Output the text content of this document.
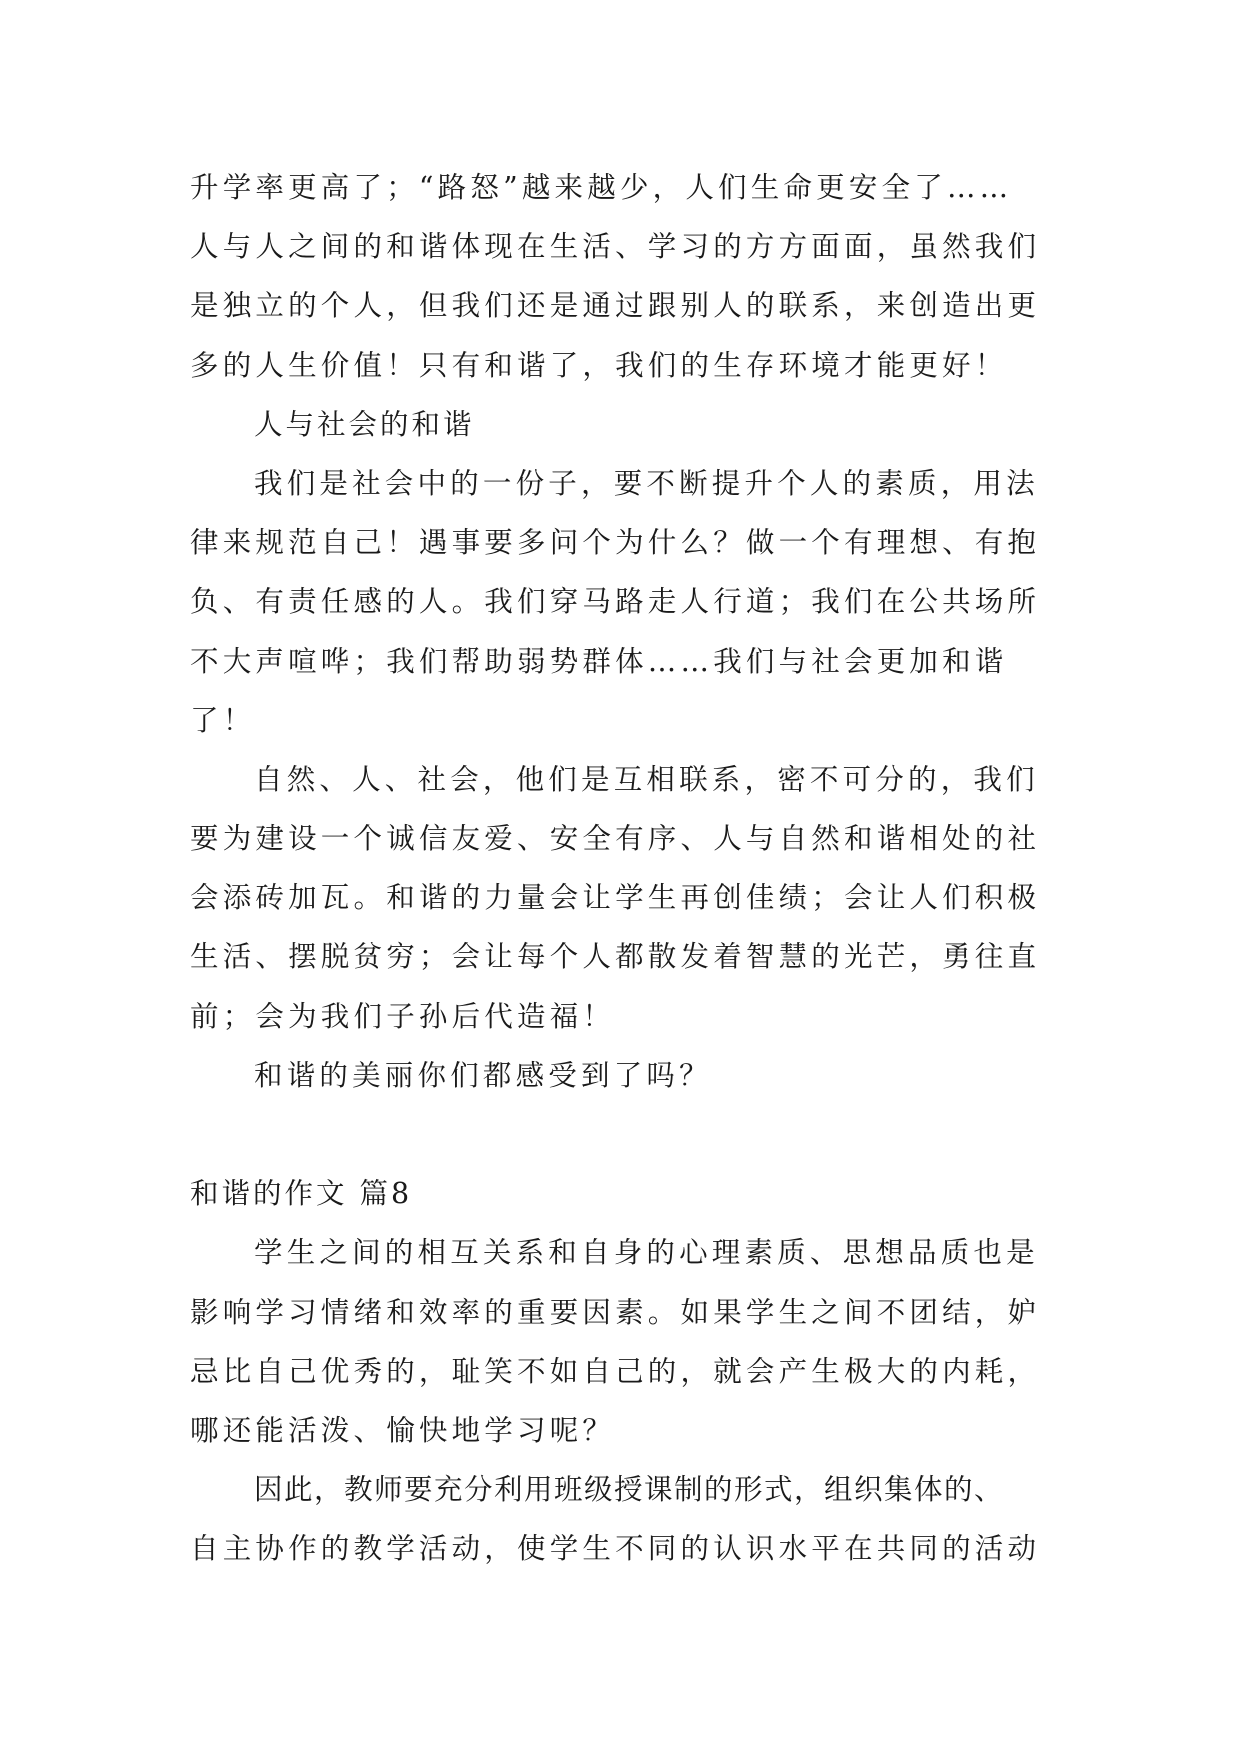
升学率更高了；“路怒”越来越少，人们生命更安全了……
人与人之间的和谐体现在生活、学习的方方面面，虽然我们
是独立的个人，但我们还是通过跟别人的联系，来创造出更
多的人生价值！只有和谐了，我们的生存环境才能更好！
人与社会的和谐
我们是社会中的一份子，要不断提升个人的素质，用法
律来规范自己！遇事要多问个为什么？做一个有理想、有抱
负、有责任感的人。我们穿马路走人行道；我们在公共场所
不大声喧哗；我们帮助弱势群体……我们与社会更加和谐
了！
自然、人、社会，他们是互相联系，密不可分的，我们
要为建设一个诚信友爱、安全有序、人与自然和谐相处的社
会添砖加瓦。和谐的力量会让学生再创佳绩；会让人们积极
生活、摆脱贫穷；会让每个人都散发着智慧的光芒，勇往直
前；会为我们子孙后代造福！
和谐的美丽你们都感受到了吗？
和谐的作文 篇8
学生之间的相互关系和自身的心理素质、思想品质也是
影响学习情绪和效率的重要因素。如果学生之间不团结，妒
忌比自己优秀的，耻笑不如自己的，就会产生极大的内耗，
哪还能活泼、愉快地学习呢？
因此，教师要充分利用班级授课制的形式，组织集体的、
自主协作的教学活动，使学生不同的认识水平在共同的活动
